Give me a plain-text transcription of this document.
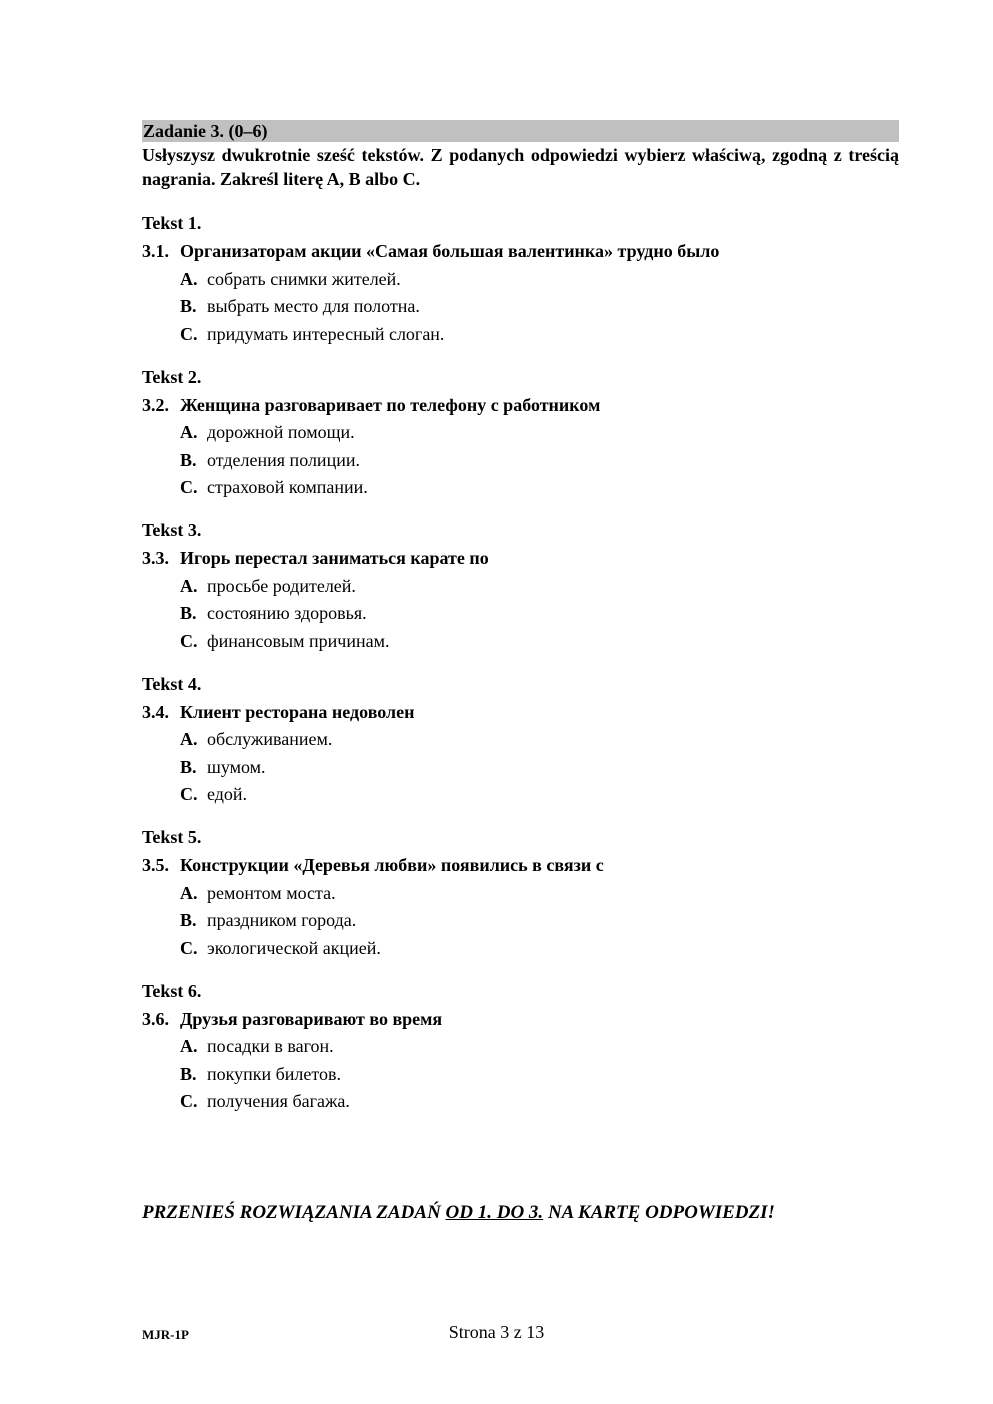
Zadanie 3. (0–6)
Usłyszysz dwukrotnie sześć tekstów. Z podanych odpowiedzi wybierz właściwą, zgodną z treścią nagrania. Zakreśl literę A, B albo C.
Tekst 1.
3.1. Организаторам акции «Самая большая валентинка» трудно было
A. собрать снимки жителей.
B. выбрать место для полотна.
C. придумать интересный слоган.
Tekst 2.
3.2. Женщина разговаривает по телефону с работником
A. дорожной помощи.
B. отделения полиции.
C. страховой компании.
Tekst 3.
3.3. Игорь перестал заниматься карате по
A. просьбе родителей.
B. состоянию здоровья.
C. финансовым причинам.
Tekst 4.
3.4. Клиент ресторана недоволен
A. обслуживанием.
B. шумом.
C. едой.
Tekst 5.
3.5. Конструкции «Деревья любви» появились в связи с
A. ремонтом моста.
B. праздником города.
C. экологической акцией.
Tekst 6.
3.6. Друзья разговаривают во время
A. посадки в вагон.
B. покупки билетов.
C. получения багажа.
PRZENIEŚ ROZWIĄZANIA ZADAŃ OD 1. DO 3. NA KARTĘ ODPOWIEDZI!
MJR-1P	Strona 3 z 13
